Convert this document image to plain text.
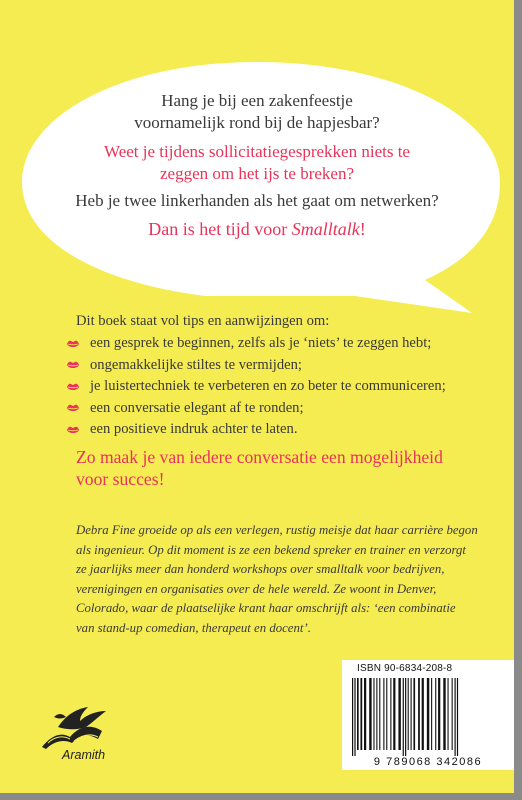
Hang je bij een zakenfeestje

voornamelijk rond bij de hapjesbar?

Weet je tijdens sollicitatiegesprekken niets te

zeggen om het ijs te breken?

Heb je twee linkerhanden als het gaat om netwerken?

Dan is het tijd voor Smalltalk!

Dit boek staat vol tips en aanwijzingen om:

een gesprek te beginnen, zelfs als je ‘niets’ te zeggen hebt;
ongemakkelijke stiltes te vermijden;
je luistertechniek te verbeteren en zo beter te communiceren;
een conversatie elegant af te ronden;
een positieve indruk achter te laten.

Zo maak je van iedere conversatie een mogelijkheid
voor succes!

Debra Fine groeide op als een verlegen, rustig meisje dat haar carrière begon
als ingenieur. Op dit moment is ze een bekend spreker en trainer en verzorgt
ze jaarlijks meer dan honderd workshops over smalltalk voor bedrijven,
verenigingen en organisaties over de hele wereld. Ze woont in Denver,
Colorado, waar de plaatselijke krant haar omschrijft als: ‘een combinatie
van stand-up comedian, therapeut en docent’.

Aramith

ISBN 90-6834-208-8
9 789068 342086
